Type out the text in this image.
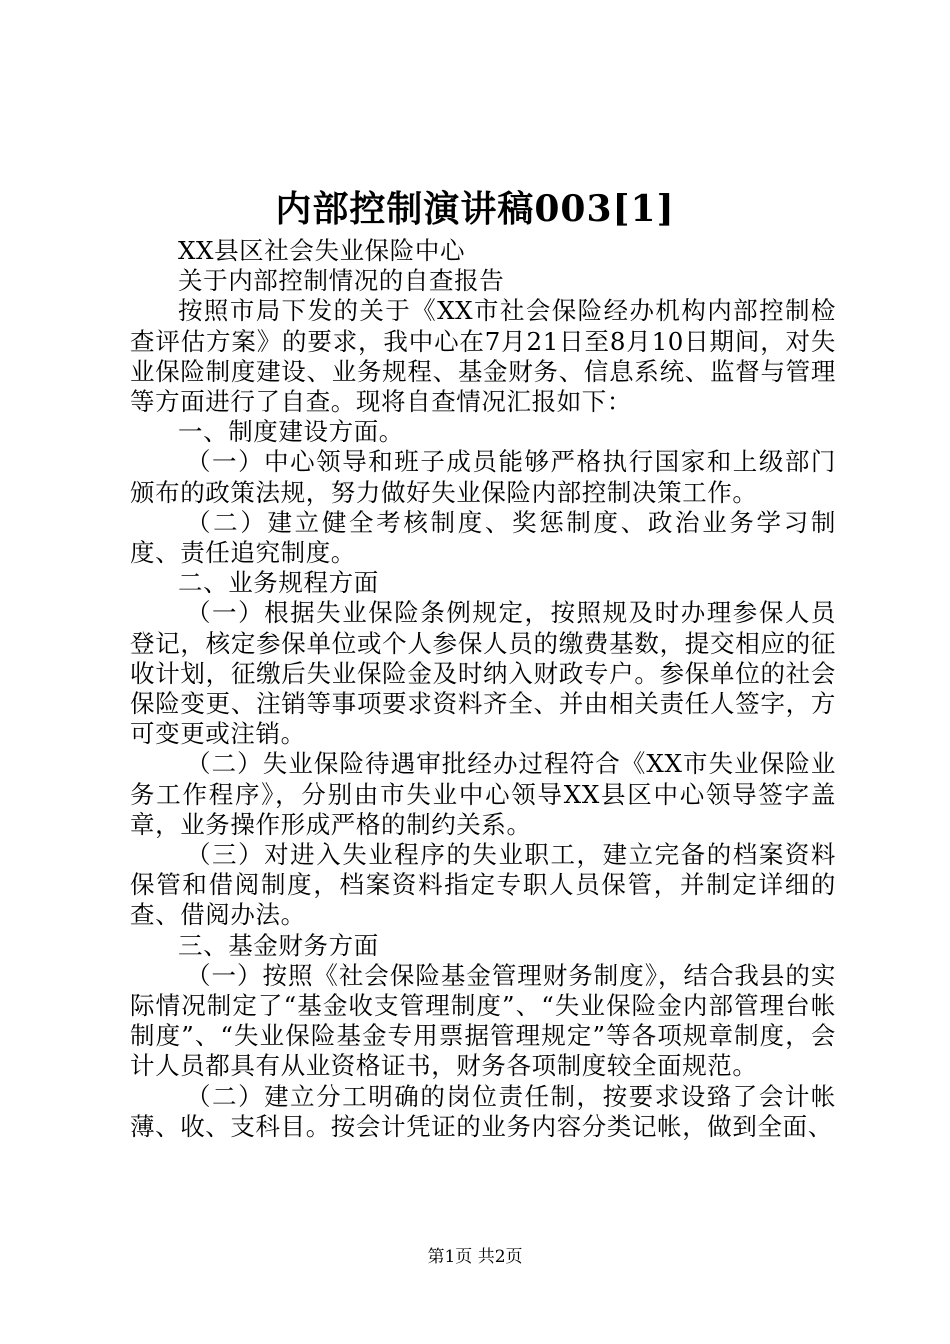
内部控制演讲稿003[1]

XX县区社会失业保险中心

关于内部控制情况的自查报告

按照市局下发的关于《XX市社会保险经办机构内部控制检查评估方案》的要求，我中心在7月21日至8月10日期间，对失业保险制度建设、业务规程、基金财务、信息系统、监督与管理等方面进行了自查。现将自查情况汇报如下：

一、制度建设方面。

（一）中心领导和班子成员能够严格执行国家和上级部门颁布的政策法规，努力做好失业保险内部控制决策工作。

（二）建立健全考核制度、奖惩制度、政治业务学习制度、责任追究制度。

二、业务规程方面

（一）根据失业保险条例规定，按照规及时办理参保人员登记，核定参保单位或个人参保人员的缴费基数，提交相应的征收计划，征缴后失业保险金及时纳入财政专户。参保单位的社会保险变更、注销等事项要求资料齐全、并由相关责任人签字，方可变更或注销。

（二）失业保险待遇审批经办过程符合《XX市失业保险业务工作程序》，分别由市失业中心领导XX县区中心领导签字盖章，业务操作形成严格的制约关系。

（三）对进入失业程序的失业职工，建立完备的档案资料保管和借阅制度，档案资料指定专职人员保管，并制定详细的查、借阅办法。

三、基金财务方面

（一）按照《社会保险基金管理财务制度》，结合我县的实际情况制定了“基金收支管理制度”、“失业保险金内部管理台帐制度”、“失业保险基金专用票据管理规定”等各项规章制度，会计人员都具有从业资格证书，财务各项制度较全面规范。

（二）建立分工明确的岗位责任制，按要求设臵了会计帐薄、收、支科目。按会计凭证的业务内容分类记帐，做到全面、

第1页 共2页
